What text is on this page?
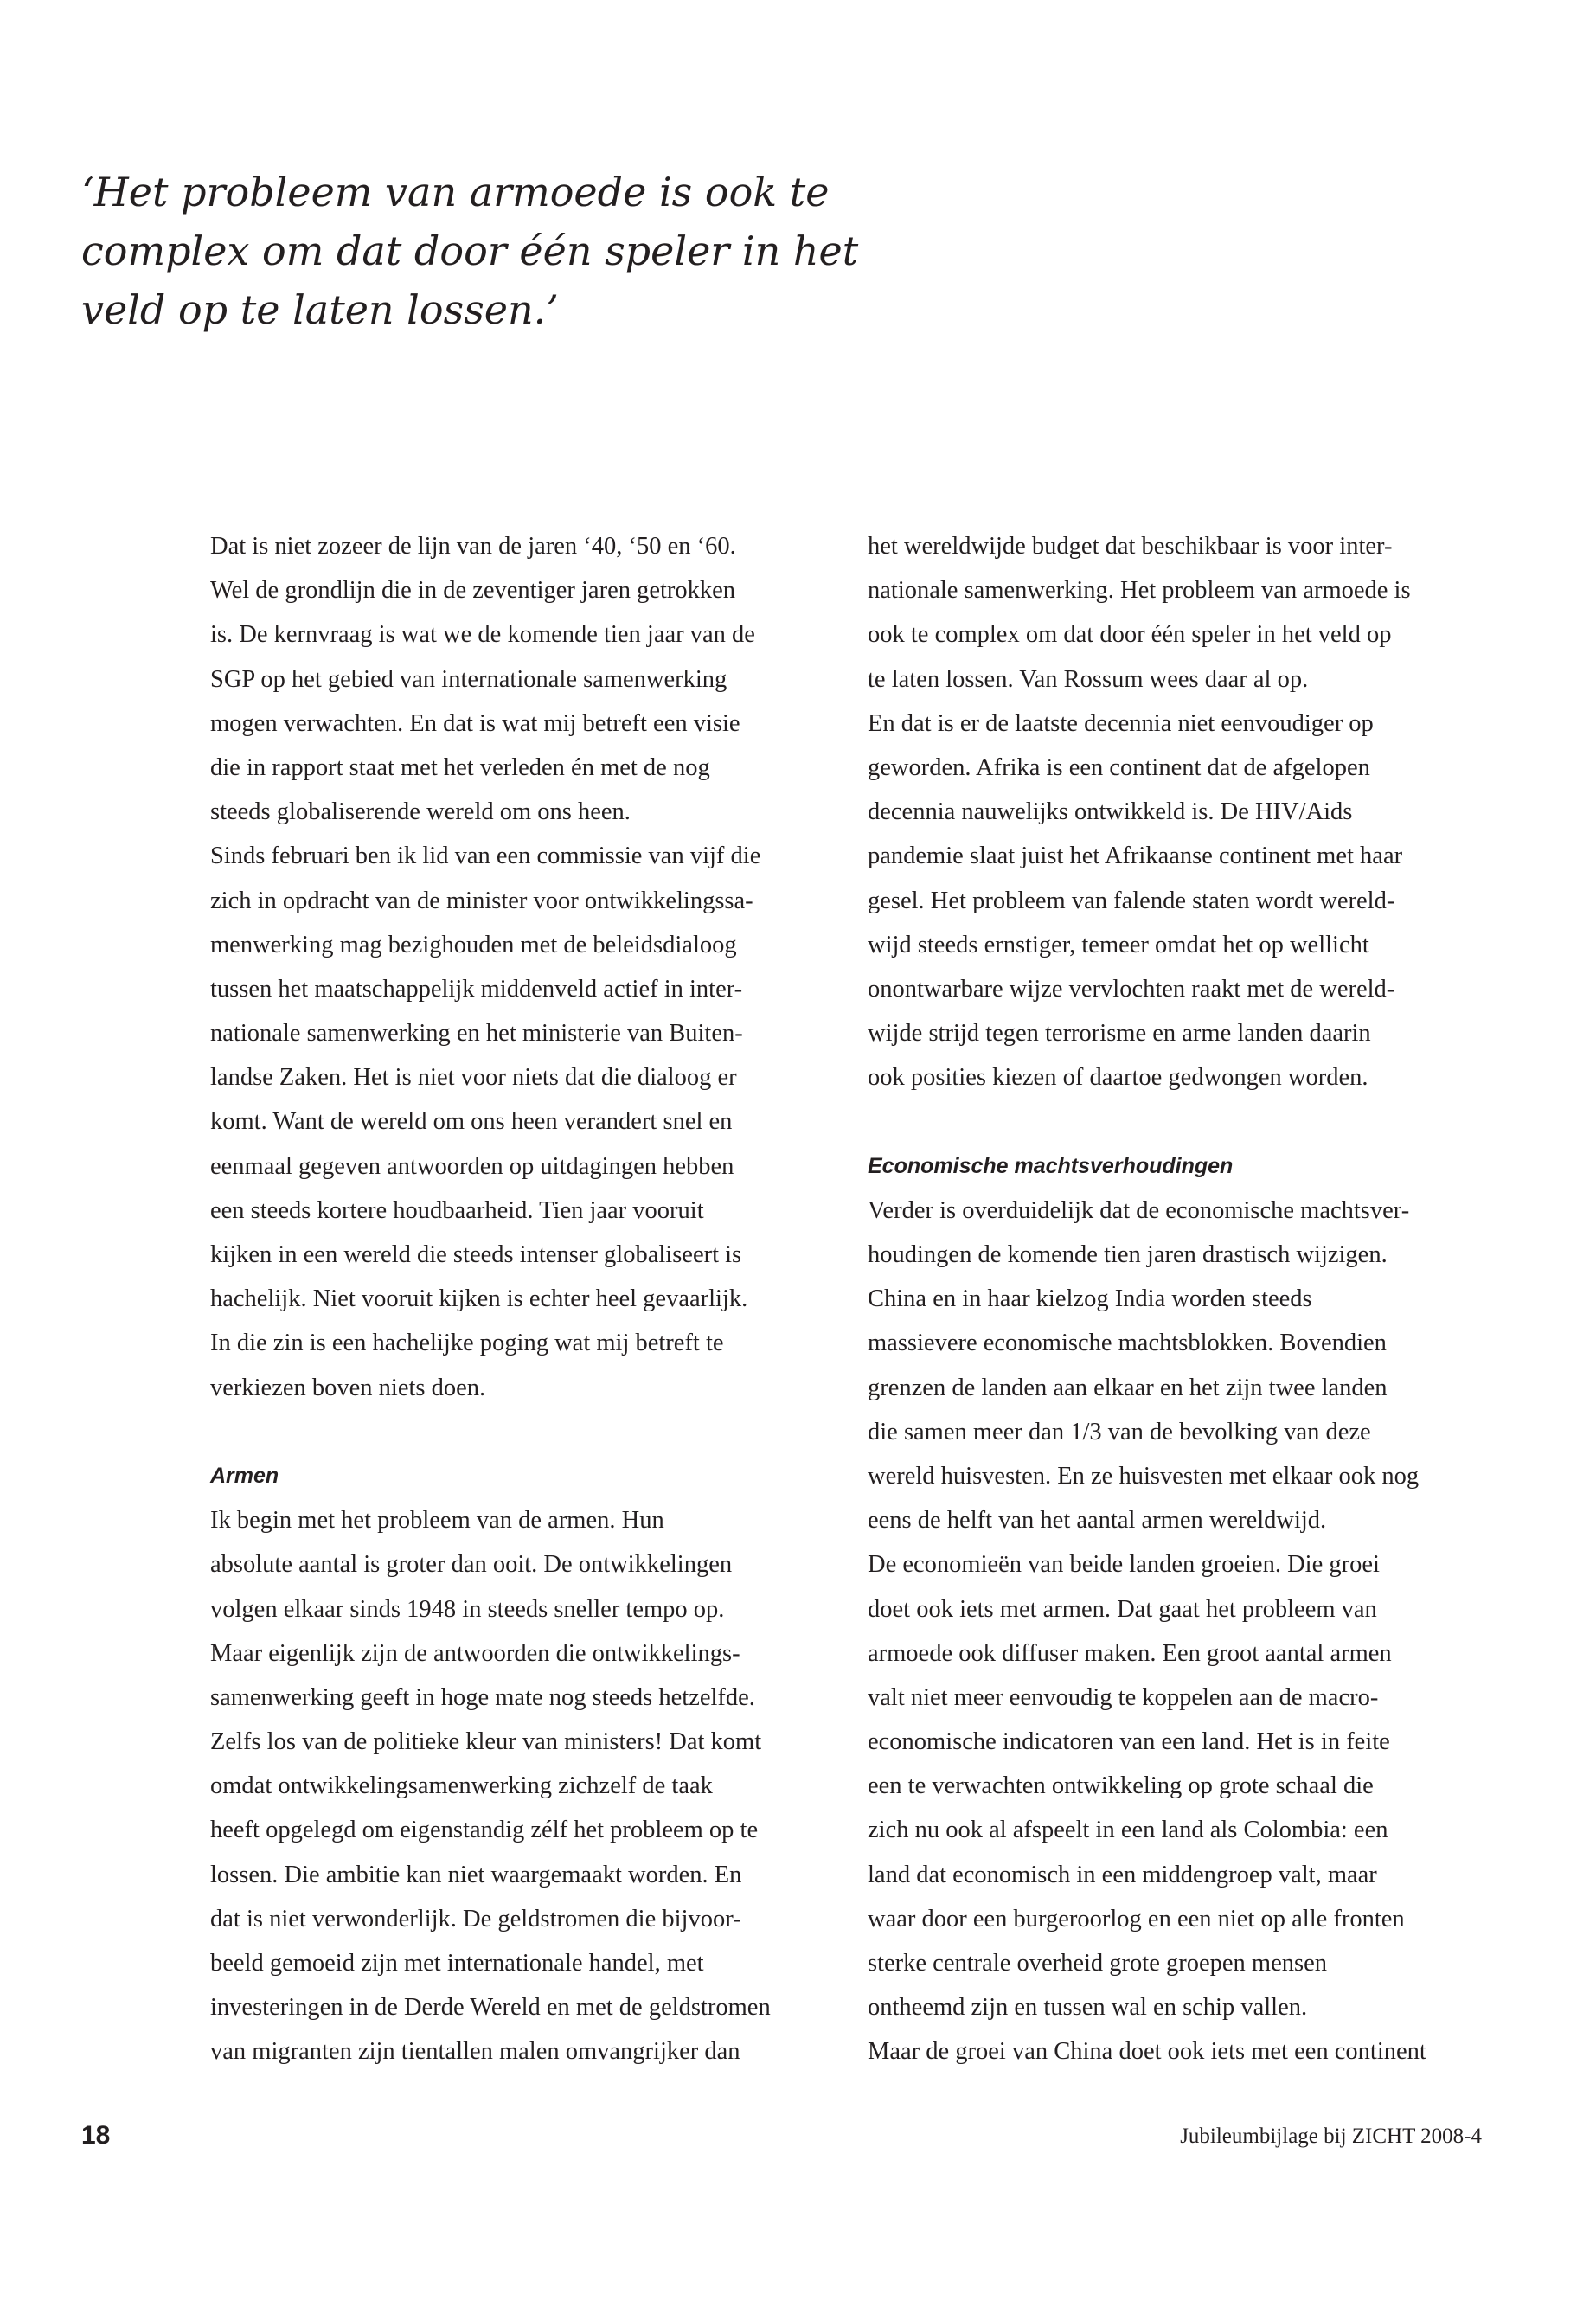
‘Het probleem van armoede is ook te
complex om dat door één speler in het
veld op te laten lossen.’
Dat is niet zozeer de lijn van de jaren ‘40, ‘50 en ‘60.
Wel de grondlijn die in de zeventiger jaren getrokken
is. De kernvraag is wat we de komende tien jaar van de
SGP op het gebied van internationale samenwerking
mogen verwachten. En dat is wat mij betreft een visie
die in rapport staat met het verleden én met de nog
steeds globaliserende wereld om ons heen.
Sinds februari ben ik lid van een commissie van vijf die
zich in opdracht van de minister voor ontwikkelingssa-
menwerking mag bezighouden met de beleidsdialoog
tussen het maatschappelijk middenveld actief in inter-
nationale samenwerking en het ministerie van Buiten-
landse Zaken. Het is niet voor niets dat die dialoog er
komt. Want de wereld om ons heen verandert snel en
eenmaal gegeven antwoorden op uitdagingen hebben
een steeds kortere houdbaarheid. Tien jaar vooruit
kijken in een wereld die steeds intenser globaliseert is
hachelijk. Niet vooruit kijken is echter heel gevaarlijk.
In die zin is een hachelijke poging wat mij betreft te
verkiezen boven niets doen.
Armen
Ik begin met het probleem van de armen. Hun
absolute aantal is groter dan ooit. De ontwikkelingen
volgen elkaar sinds 1948 in steeds sneller tempo op.
Maar eigenlijk zijn de antwoorden die ontwikkelings-
samenwerking geeft in hoge mate nog steeds hetzelfde.
Zelfs los van de politieke kleur van ministers! Dat komt
omdat ontwikkelingsamenwerking zichzelf de taak
heeft opgelegd om eigenstandig zélf het probleem op te
lossen. Die ambitie kan niet waargemaakt worden. En
dat is niet verwonderlijk. De geldstromen die bijvoor-
beeld gemoeid zijn met internationale handel, met
investeringen in de Derde Wereld en met de geldstromen
van migranten zijn tientallen malen omvangrijker dan
het wereldwijde budget dat beschikbaar is voor inter-
nationale samenwerking. Het probleem van armoede is
ook te complex om dat door één speler in het veld op
te laten lossen. Van Rossum wees daar al op.
En dat is er de laatste decennia niet eenvoudiger op
geworden. Afrika is een continent dat de afgelopen
decennia nauwelijks ontwikkeld is. De HIV/Aids
pandemie slaat juist het Afrikaanse continent met haar
gesel. Het probleem van falende staten wordt wereld-
wijd steeds ernstiger, temeer omdat het op wellicht
onontwarbare wijze vervlochten raakt met de wereld-
wijde strijd tegen terrorisme en arme landen daarin
ook posities kiezen of daartoe gedwongen worden.
Economische machtsverhoudingen
Verder is overduidelijk dat de economische machtsver-
houdingen de komende tien jaren drastisch wijzigen.
China en in haar kielzog India worden steeds
massievere economische machtsblokken. Bovendien
grenzen de landen aan elkaar en het zijn twee landen
die samen meer dan 1/3 van de bevolking van deze
wereld huisvesten. En ze huisvesten met elkaar ook nog
eens de helft van het aantal armen wereldwijd.
De economieën van beide landen groeien. Die groei
doet ook iets met armen. Dat gaat het probleem van
armoede ook diffuser maken. Een groot aantal armen
valt niet meer eenvoudig te koppelen aan de macro-
economische indicatoren van een land. Het is in feite
een te verwachten ontwikkeling op grote schaal die
zich nu ook al afspeelt in een land als Colombia: een
land dat economisch in een middengroep valt, maar
waar door een burgeroorlog en een niet op alle fronten
sterke centrale overheid grote groepen mensen
ontheemd zijn en tussen wal en schip vallen.
Maar de groei van China doet ook iets met een continent
18	Jubileumbijlage bij ZICHT 2008-4
